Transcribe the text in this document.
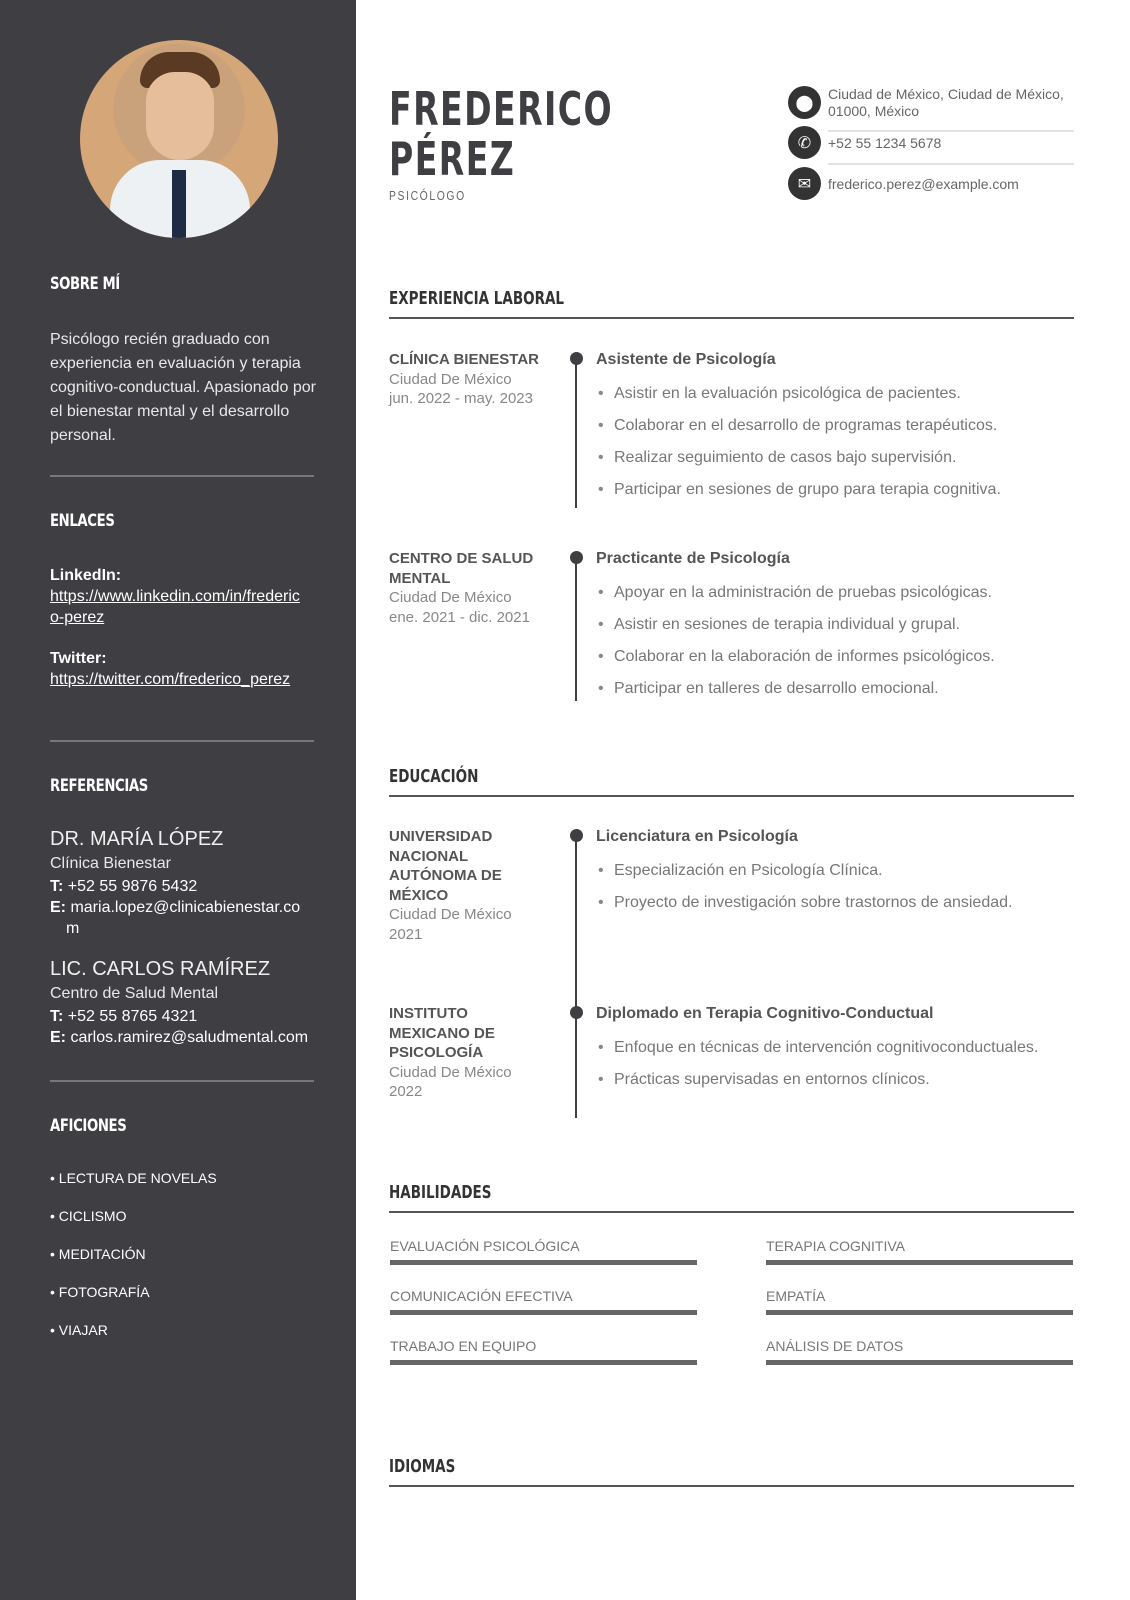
SOBRE MÍ
Psicólogo recién graduado con experiencia en evaluación y terapia cognitivo-conductual. Apasionado por el bienestar mental y el desarrollo personal.
ENLACES
LinkedIn:
https://www.linkedin.com/in/frederico-perez
Twitter:
https://twitter.com/frederico_perez
REFERENCIAS
DR. MARÍA LÓPEZ
Clínica Bienestar
T: +52 55 9876 5432
E: maria.lopez@clinicabienestar.com
LIC. CARLOS RAMÍREZ
Centro de Salud Mental
T: +52 55 8765 4321
E: carlos.ramirez@saludmental.com
AFICIONES
• LECTURA DE NOVELAS
• CICLISMO
• MEDITACIÓN
• FOTOGRAFÍA
• VIAJAR
FREDERICO
PÉREZ
PSICÓLOGO
⬤
Ciudad de México, Ciudad de México, 01000, México
✆	+52 55 1234 5678
✉	frederico.perez@example.com
EXPERIENCIA LABORAL
CLÍNICA BIENESTAR
Ciudad De México
jun. 2022 - may. 2023
Asistente de Psicología
• Asistir en la evaluación psicológica de pacientes.
• Colaborar en el desarrollo de programas terapéuticos.
• Realizar seguimiento de casos bajo supervisión.
• Participar en sesiones de grupo para terapia cognitiva.
CENTRO DE SALUD MENTAL
Ciudad De México
ene. 2021 - dic. 2021
Practicante de Psicología
• Apoyar en la administración de pruebas psicológicas.
• Asistir en sesiones de terapia individual y grupal.
• Colaborar en la elaboración de informes psicológicos.
• Participar en talleres de desarrollo emocional.
EDUCACIÓN
UNIVERSIDAD NACIONAL AUTÓNOMA DE MÉXICO
Ciudad De México
2021
Licenciatura en Psicología
• Especialización en Psicología Clínica.
• Proyecto de investigación sobre trastornos de ansiedad.
INSTITUTO MEXICANO DE PSICOLOGÍA
Ciudad De México
2022
Diplomado en Terapia Cognitivo-Conductual
• Enfoque en técnicas de intervención cognitivoconductuales.
• Prácticas supervisadas en entornos clínicos.
HABILIDADES
EVALUACIÓN PSICOLÓGICA	TERAPIA COGNITIVA
COMUNICACIÓN EFECTIVA	EMPATÍA
TRABAJO EN EQUIPO	ANÁLISIS DE DATOS
IDIOMAS
